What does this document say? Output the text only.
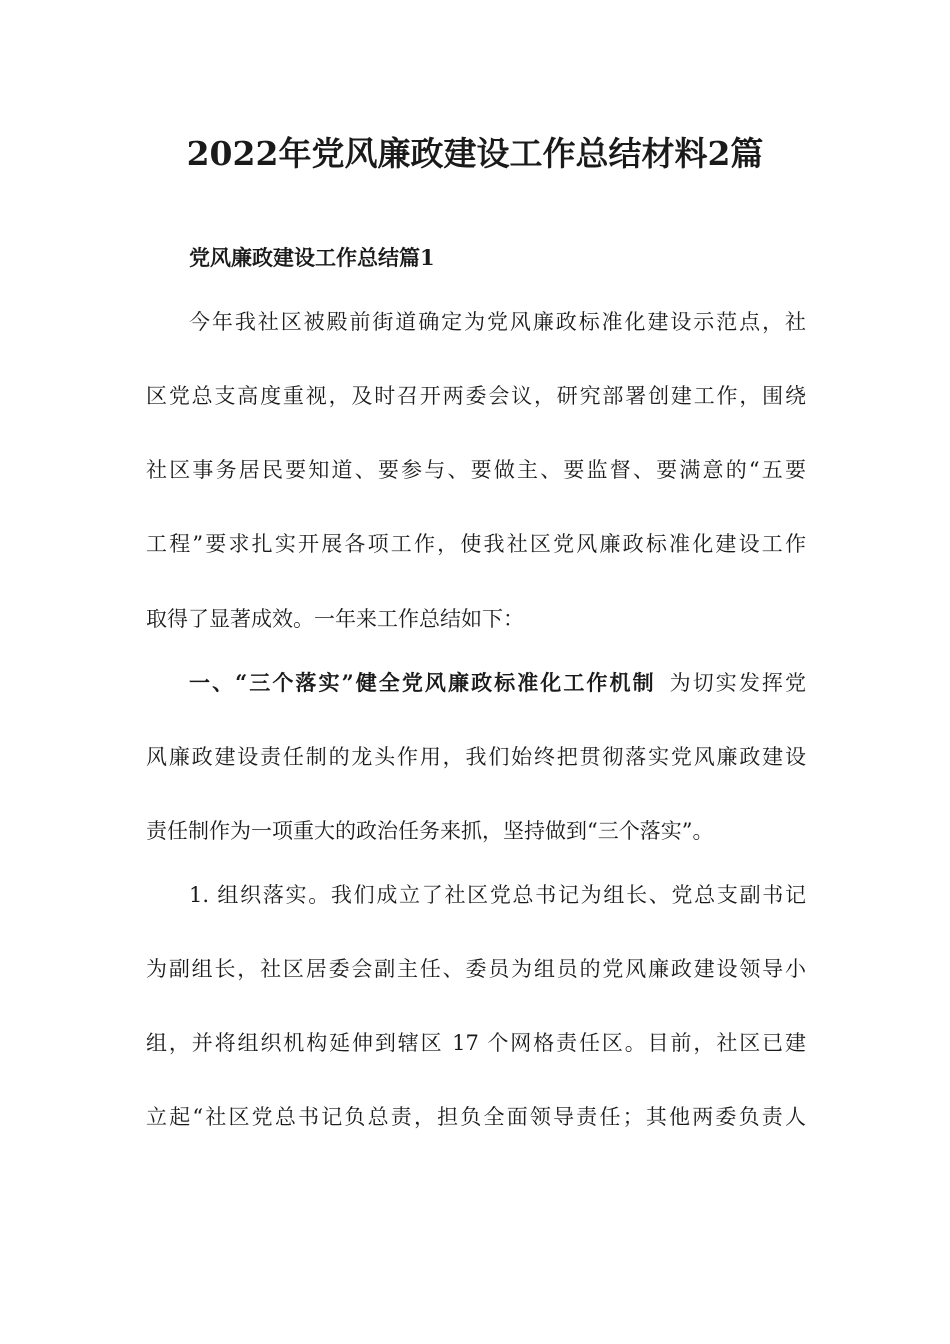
2022年党风廉政建设工作总结材料2篇

党风廉政建设工作总结篇1

今年我社区被殿前街道确定为党风廉政标准化建设示范点，社

区党总支高度重视，及时召开两委会议，研究部署创建工作，围绕

社区事务居民要知道、要参与、要做主、要监督、要满意的“五要

工程”要求扎实开展各项工作，使我社区党风廉政标准化建设工作

取得了显著成效。一年来工作总结如下：

一、“三个落实”健全党风廉政标准化工作机制 为切实发挥党

风廉政建设责任制的龙头作用，我们始终把贯彻落实党风廉政建设

责任制作为一项重大的政治任务来抓，坚持做到“三个落实”。

1. 组织落实。我们成立了社区党总书记为组长、党总支副书记

为副组长，社区居委会副主任、委员为组员的党风廉政建设领导小

组，并将组织机构延伸到辖区 17 个网格责任区。目前，社区已建

立起“社区党总书记负总责，担负全面领导责任；其他两委负责人
